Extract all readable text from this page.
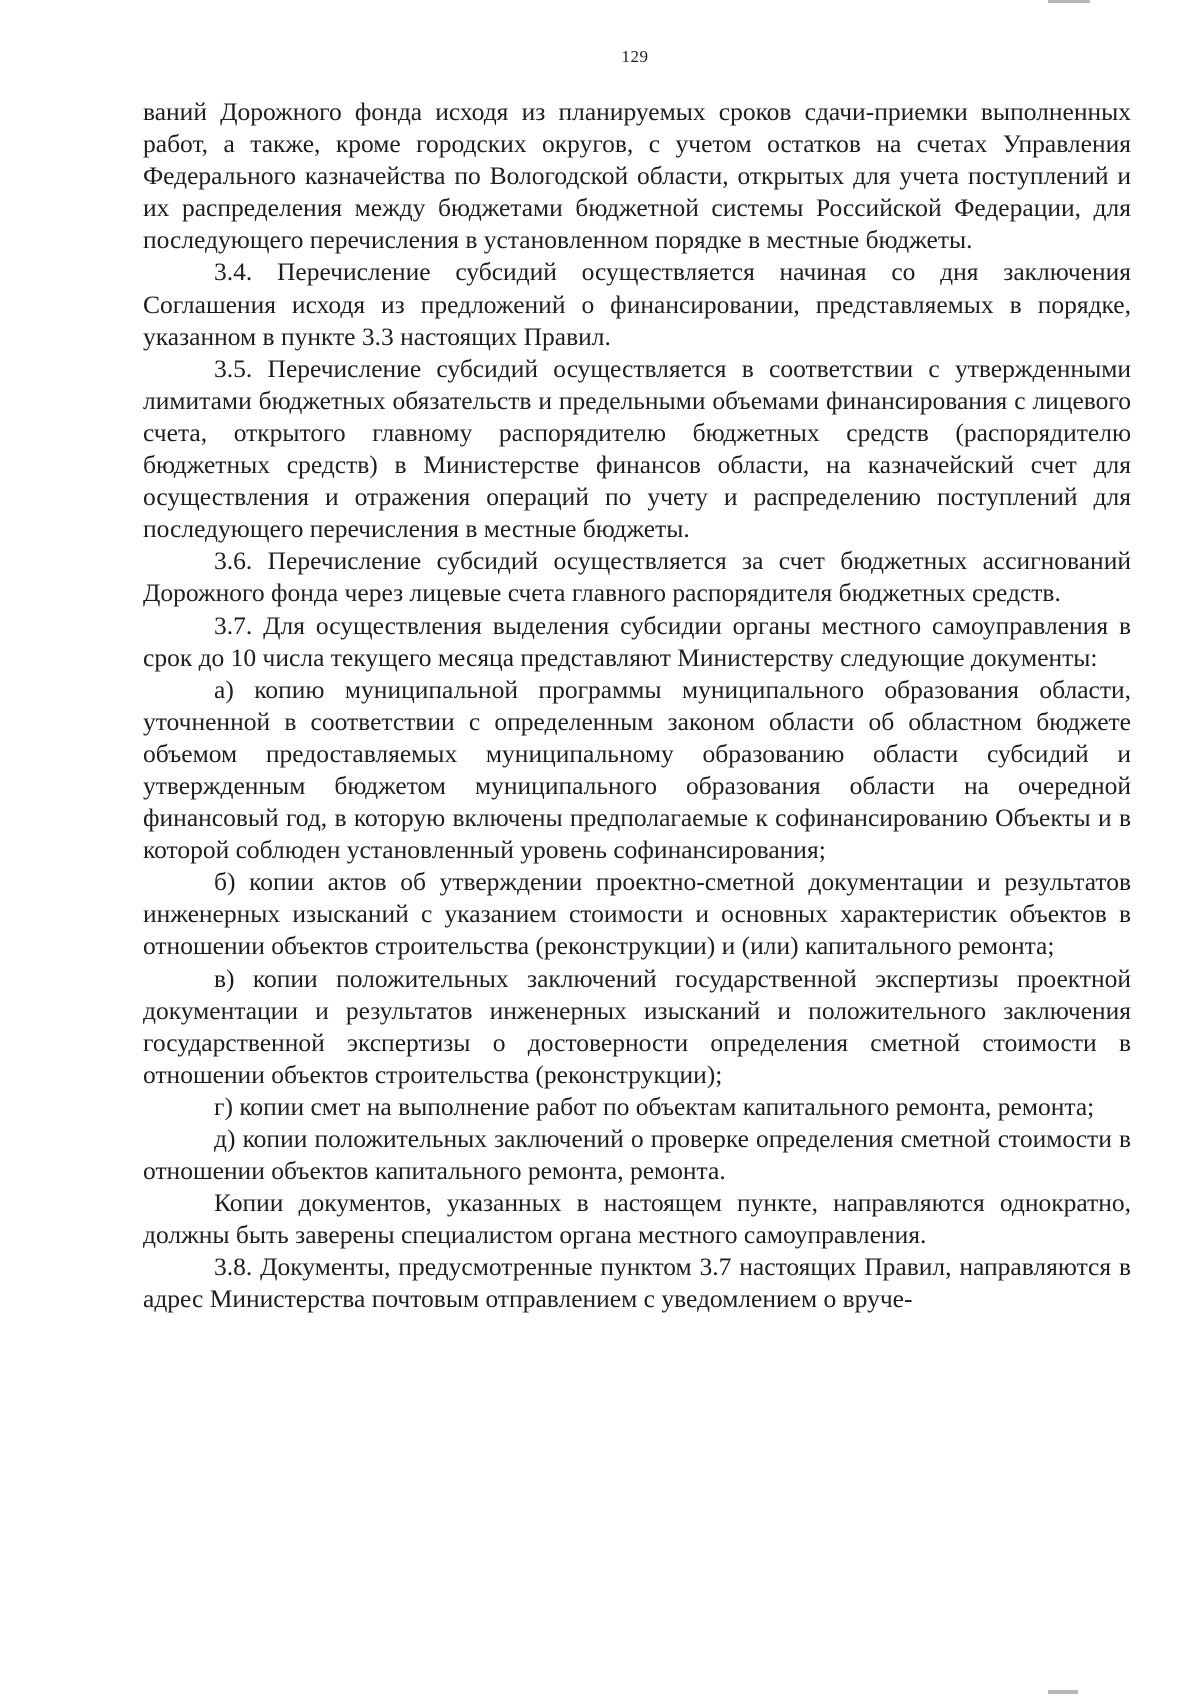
129

ваний Дорожного фонда исходя из планируемых сроков сдачи-приемки выполненных работ, а также, кроме городских округов, с учетом остатков на счетах Управления Федерального казначейства по Вологодской области, открытых для учета поступлений и их распределения между бюджетами бюджетной системы Российской Федерации, для последующего перечисления в установленном порядке в местные бюджеты.

3.4. Перечисление субсидий осуществляется начиная со дня заключения Соглашения исходя из предложений о финансировании, представляемых в порядке, указанном в пункте 3.3 настоящих Правил.

3.5. Перечисление субсидий осуществляется в соответствии с утвержденными лимитами бюджетных обязательств и предельными объемами финансирования с лицевого счета, открытого главному распорядителю бюджетных средств (распорядителю бюджетных средств) в Министерстве финансов области, на казначейский счет для осуществления и отражения операций по учету и распределению поступлений для последующего перечисления в местные бюджеты.

3.6. Перечисление субсидий осуществляется за счет бюджетных ассигнований Дорожного фонда через лицевые счета главного распорядителя бюджетных средств.

3.7. Для осуществления выделения субсидии органы местного самоуправления в срок до 10 числа текущего месяца представляют Министерству следующие документы:

а) копию муниципальной программы муниципального образования области, уточненной в соответствии с определенным законом области об областном бюджете объемом предоставляемых муниципальному образованию области субсидий и утвержденным бюджетом муниципального образования области на очередной финансовый год, в которую включены предполагаемые к софинансированию Объекты и в которой соблюден установленный уровень софинансирования;

б) копии актов об утверждении проектно-сметной документации и результатов инженерных изысканий с указанием стоимости и основных характеристик объектов в отношении объектов строительства (реконструкции) и (или) капитального ремонта;

в) копии положительных заключений государственной экспертизы проектной документации и результатов инженерных изысканий и положительного заключения государственной экспертизы о достоверности определения сметной стоимости в отношении объектов строительства (реконструкции);

г) копии смет на выполнение работ по объектам капитального ремонта, ремонта;

д) копии положительных заключений о проверке определения сметной стоимости в отношении объектов капитального ремонта, ремонта.

Копии документов, указанных в настоящем пункте, направляются однократно, должны быть заверены специалистом органа местного самоуправления.

3.8. Документы, предусмотренные пунктом 3.7 настоящих Правил, направляются в адрес Министерства почтовым отправлением с уведомлением о вруче-
